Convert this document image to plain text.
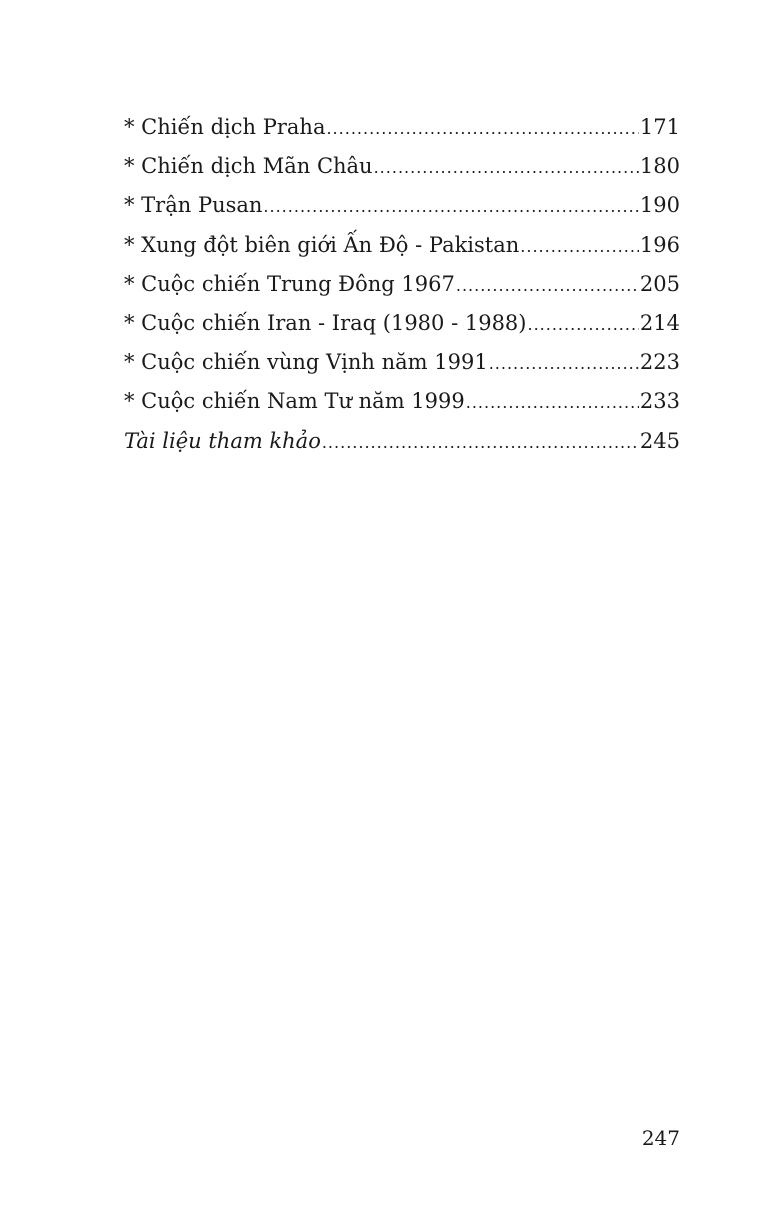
* Chiến dịch Praha .....	171
* Chiến dịch Mãn Châu .....	180
* Trận Pusan .....	190
* Xung đột biên giới Ấn Độ - Pakistan .....	196
* Cuộc chiến Trung Đông 1967 .....	205
* Cuộc chiến Iran - Iraq (1980 - 1988) .....	214
* Cuộc chiến vùng Vịnh năm 1991 .....	223
* Cuộc chiến Nam Tư năm 1999 .....	233
Tài liệu tham khảo .....	245
247
